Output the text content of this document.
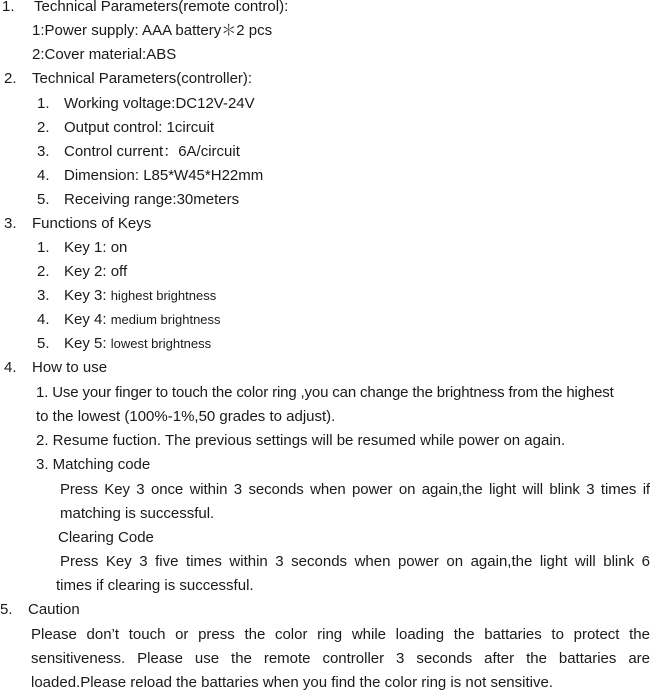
1. Technical Parameters(remote control):
1:Power supply: AAA battery＊2 pcs
2:Cover material:ABS
2. Technical Parameters(controller):
1. Working voltage:DC12V-24V
2. Output control: 1circuit
3. Control current：6A/circuit
4. Dimension: L85*W45*H22mm
5. Receiving range:30meters
3. Functions of Keys
1. Key 1: on
2. Key 2: off
3. Key 3: highest brightness
4. Key 4: medium brightness
5. Key 5: lowest brightness
4. How to use
1. Use your finger to touch the color ring ,you can change the brightness from the highest
to the lowest (100%-1%,50 grades to adjust).
2. Resume fuction. The previous settings will be resumed while power on again.
3. Matching code
Press Key 3 once within 3 seconds when power on again,the light will blink 3 times if
matching is successful.
Clearing Code
Press Key 3 five times within 3 seconds when power on again,the light will blink 6
times if clearing is successful.
5. Caution
Please don’t touch or press the color ring while loading the battaries to protect the
sensitiveness. Please use the remote controller 3 seconds after the battaries are
loaded.Please reload the battaries when you find the color ring is not sensitive.
